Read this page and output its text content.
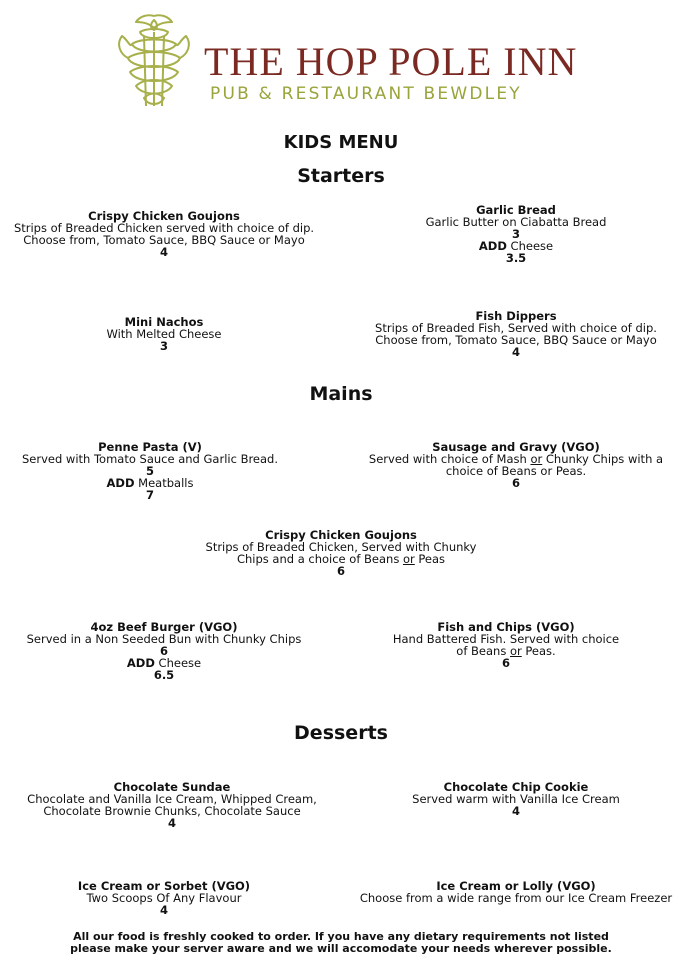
THE HOP POLE INN
PUB & RESTAURANT BEWDLEY
KIDS MENU
Starters
Crispy Chicken Goujons
Strips of Breaded Chicken served with choice of dip.
Choose from, Tomato Sauce, BBQ Sauce or Mayo
4
Garlic Bread
Garlic Butter on Ciabatta Bread
3
ADD Cheese
3.5
Mini Nachos
With Melted Cheese
3
Fish Dippers
Strips of Breaded Fish, Served with choice of dip.
Choose from, Tomato Sauce, BBQ Sauce or Mayo
4
Mains
Penne Pasta (V)
Served with Tomato Sauce and Garlic Bread.
5
ADD Meatballs
7
Sausage and Gravy (VGO)
Served with choice of Mash or Chunky Chips with a
choice of Beans or Peas.
6
Crispy Chicken Goujons
Strips of Breaded Chicken, Served with Chunky
Chips and a choice of Beans or Peas
6
4oz Beef Burger (VGO)
Served in a Non Seeded Bun with Chunky Chips
6
ADD Cheese
6.5
Fish and Chips (VGO)
Hand Battered Fish. Served with choice
of Beans or Peas.
6
Desserts
Chocolate Sundae
Chocolate and Vanilla Ice Cream, Whipped Cream,
Chocolate Brownie Chunks, Chocolate Sauce
4
Chocolate Chip Cookie
Served warm with Vanilla Ice Cream
4
Ice Cream or Sorbet (VGO)
Two Scoops Of Any Flavour
4
Ice Cream or Lolly (VGO)
Choose from a wide range from our Ice Cream Freezer
All our food is freshly cooked to order. If you have any dietary requirements not listed
please make your server aware and we will accomodate your needs wherever possible.
